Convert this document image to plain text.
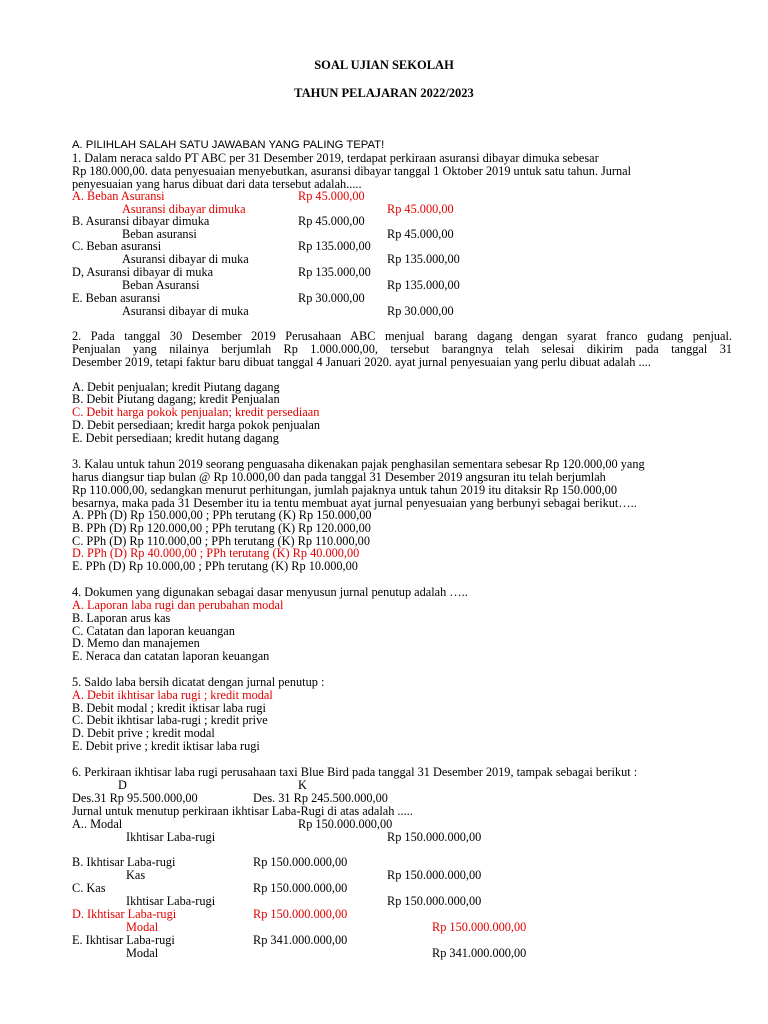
SOAL UJIAN SEKOLAH
TAHUN PELAJARAN 2022/2023
A. PILIHLAH SALAH SATU JAWABAN YANG PALING TEPAT!
1. Dalam neraca saldo PT ABC per 31 Desember 2019, terdapat perkiraan asuransi dibayar dimuka sebesar
Rp 180.000,00. data penyesuaian menyebutkan, asuransi dibayar tanggal 1 Oktober 2019 untuk satu tahun. Jurnal
penyesuaian yang harus dibuat dari data tersebut adalah.....
A. Beban Asuransi	Rp 45.000,00
Asuransi dibayar dimuka	Rp 45.000,00
B. Asuransi dibayar dimuka	Rp 45.000,00
Beban asuransi	Rp 45.000,00
C. Beban asuransi	Rp 135.000,00
Asuransi dibayar di muka	Rp 135.000,00
D, Asuransi dibayar di muka	Rp 135.000,00
Beban Asuransi	Rp 135.000,00
E. Beban asuransi	Rp 30.000,00
Asuransi dibayar di muka	Rp 30.000,00
2. Pada tanggal 30 Desember 2019 Perusahaan ABC menjual barang dagang dengan syarat franco gudang penjual.
Penjualan yang nilainya berjumlah Rp 1.000.000,00, tersebut barangnya telah selesai dikirim pada tanggal 31
Desember 2019, tetapi faktur baru dibuat tanggal 4 Januari 2020. ayat jurnal penyesuaian yang perlu dibuat adalah ....
A. Debit penjualan; kredit Piutang dagang
B. Debit Piutang dagang; kredit Penjualan
C. Debit harga pokok penjualan; kredit persediaan
D. Debit persediaan; kredit harga pokok penjualan
E. Debit persediaan; kredit hutang dagang
3. Kalau untuk tahun 2019 seorang penguasaha dikenakan pajak penghasilan sementara sebesar Rp 120.000,00 yang
harus diangsur tiap bulan @ Rp 10.000,00 dan pada tanggal 31 Desember 2019 angsuran itu telah berjumlah
Rp 110.000,00, sedangkan menurut perhitungan, jumlah pajaknya untuk tahun 2019 itu ditaksir Rp 150.000,00
besarnya, maka pada 31 Desember itu ia tentu membuat ayat jurnal penyesuaian yang berbunyi sebagai berikut…..
A. PPh (D) Rp 150.000,00 ; PPh terutang (K) Rp 150.000,00
B. PPh (D) Rp 120.000,00 ; PPh terutang (K) Rp 120.000,00
C. PPh (D) Rp 110.000,00 ; PPh terutang (K) Rp 110.000,00
D. PPh (D) Rp 40.000,00 ; PPh terutang (K) Rp 40.000,00
E. PPh (D) Rp 10.000,00 ; PPh terutang (K) Rp 10.000,00
4. Dokumen yang digunakan sebagai dasar menyusun jurnal penutup adalah …..
A. Laporan laba rugi dan perubahan modal
B. Laporan arus kas
C. Catatan dan laporan keuangan
D. Memo dan manajemen
E. Neraca dan catatan laporan keuangan
5. Saldo laba bersih dicatat dengan jurnal penutup :
A. Debit ikhtisar laba rugi ; kredit modal
B. Debit modal ; kredit iktisar laba rugi
C. Debit ikhtisar laba-rugi ; kredit prive
D. Debit prive ; kredit modal
E. Debit prive ; kredit iktisar laba rugi
6. Perkiraan ikhtisar laba rugi perusahaan taxi Blue Bird pada tanggal 31 Desember 2019, tampak sebagai berikut :
D	K
Des.31 Rp 95.500.000,00	Des. 31 Rp 245.500.000,00
Jurnal untuk menutup perkiraan ikhtisar Laba-Rugi di atas adalah .....
A.. Modal	Rp 150.000.000,00
Ikhtisar Laba-rugi	Rp 150.000.000,00
B. Ikhtisar Laba-rugi	Rp 150.000.000,00
Kas	Rp 150.000.000,00
C. Kas	Rp 150.000.000,00
Ikhtisar Laba-rugi	Rp 150.000.000,00
D. Ikhtisar Laba-rugi	Rp 150.000.000,00
Modal	Rp 150.000.000,00
E. Ikhtisar Laba-rugi	Rp 341.000.000,00
Modal	Rp 341.000.000,00
